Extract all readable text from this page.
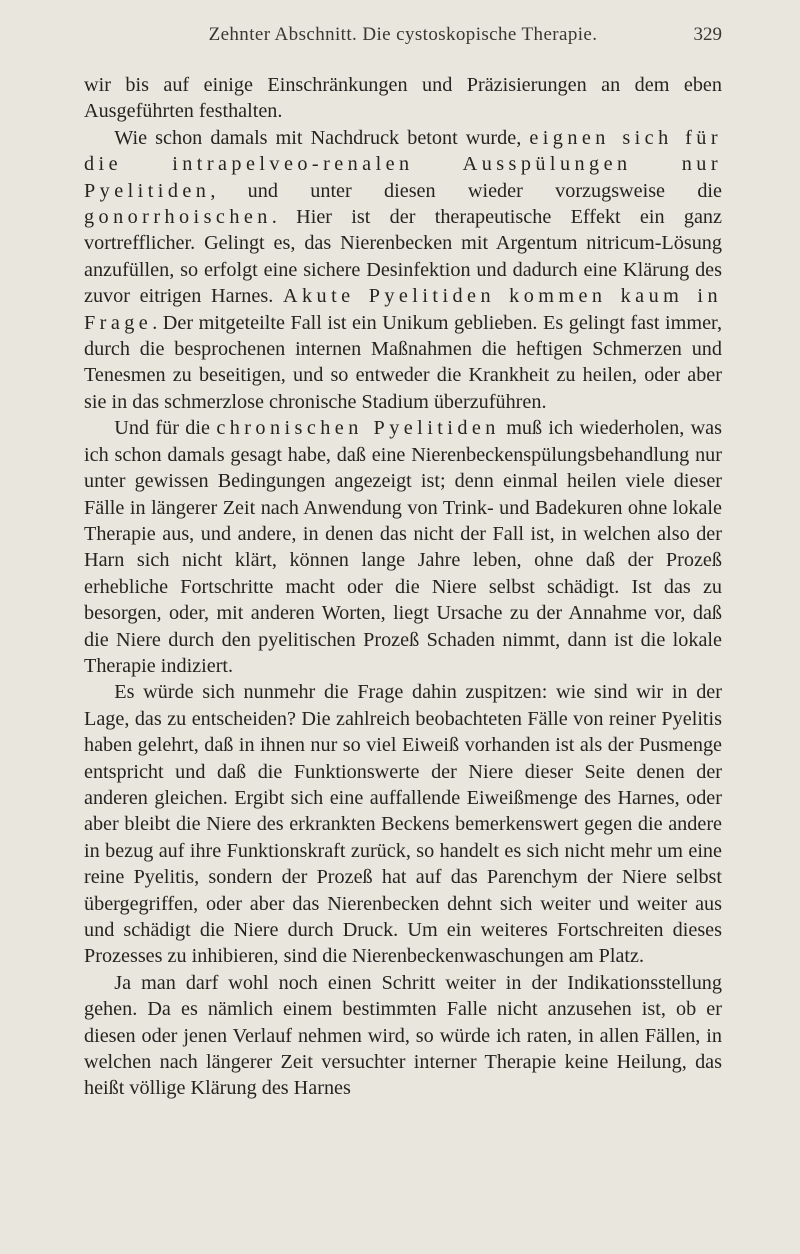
Zehnter Abschnitt. Die cystoskopische Therapie.	329

wir bis auf einige Einschränkungen und Präzisierungen an dem eben Ausgeführten festhalten.

Wie schon damals mit Nachdruck betont wurde, eignen sich für die intrapelveo-renalen Ausspülungen nur Pyelitiden, und unter diesen wieder vorzugsweise die gonorrhoischen. Hier ist der therapeutische Effekt ein ganz vortrefflicher. Gelingt es, das Nierenbecken mit Argentum nitricum-Lösung anzufüllen, so erfolgt eine sichere Desinfektion und dadurch eine Klärung des zuvor eitrigen Harnes. Akute Pyelitiden kommen kaum in Frage. Der mitgeteilte Fall ist ein Unikum geblieben. Es gelingt fast immer, durch die besprochenen internen Maßnahmen die heftigen Schmerzen und Tenesmen zu beseitigen, und so entweder die Krankheit zu heilen, oder aber sie in das schmerzlose chronische Stadium überzuführen.

Und für die chronischen Pyelitiden muß ich wiederholen, was ich schon damals gesagt habe, daß eine Nierenbeckenspülungsbehandlung nur unter gewissen Bedingungen angezeigt ist; denn einmal heilen viele dieser Fälle in längerer Zeit nach Anwendung von Trink- und Badekuren ohne lokale Therapie aus, und andere, in denen das nicht der Fall ist, in welchen also der Harn sich nicht klärt, können lange Jahre leben, ohne daß der Prozeß erhebliche Fortschritte macht oder die Niere selbst schädigt. Ist das zu besorgen, oder, mit anderen Worten, liegt Ursache zu der Annahme vor, daß die Niere durch den pyelitischen Prozeß Schaden nimmt, dann ist die lokale Therapie indiziert.

Es würde sich nunmehr die Frage dahin zuspitzen: wie sind wir in der Lage, das zu entscheiden? Die zahlreich beobachteten Fälle von reiner Pyelitis haben gelehrt, daß in ihnen nur so viel Eiweiß vorhanden ist als der Pusmenge entspricht und daß die Funktionswerte der Niere dieser Seite denen der anderen gleichen. Ergibt sich eine auffallende Eiweißmenge des Harnes, oder aber bleibt die Niere des erkrankten Beckens bemerkenswert gegen die andere in bezug auf ihre Funktionskraft zurück, so handelt es sich nicht mehr um eine reine Pyelitis, sondern der Prozeß hat auf das Parenchym der Niere selbst übergegriffen, oder aber das Nierenbecken dehnt sich weiter und weiter aus und schädigt die Niere durch Druck. Um ein weiteres Fortschreiten dieses Prozesses zu inhibieren, sind die Nierenbeckenwaschungen am Platz.

Ja man darf wohl noch einen Schritt weiter in der Indikationsstellung gehen. Da es nämlich einem bestimmten Falle nicht anzusehen ist, ob er diesen oder jenen Verlauf nehmen wird, so würde ich raten, in allen Fällen, in welchen nach längerer Zeit versuchter interner Therapie keine Heilung, das heißt völlige Klärung des Harnes
